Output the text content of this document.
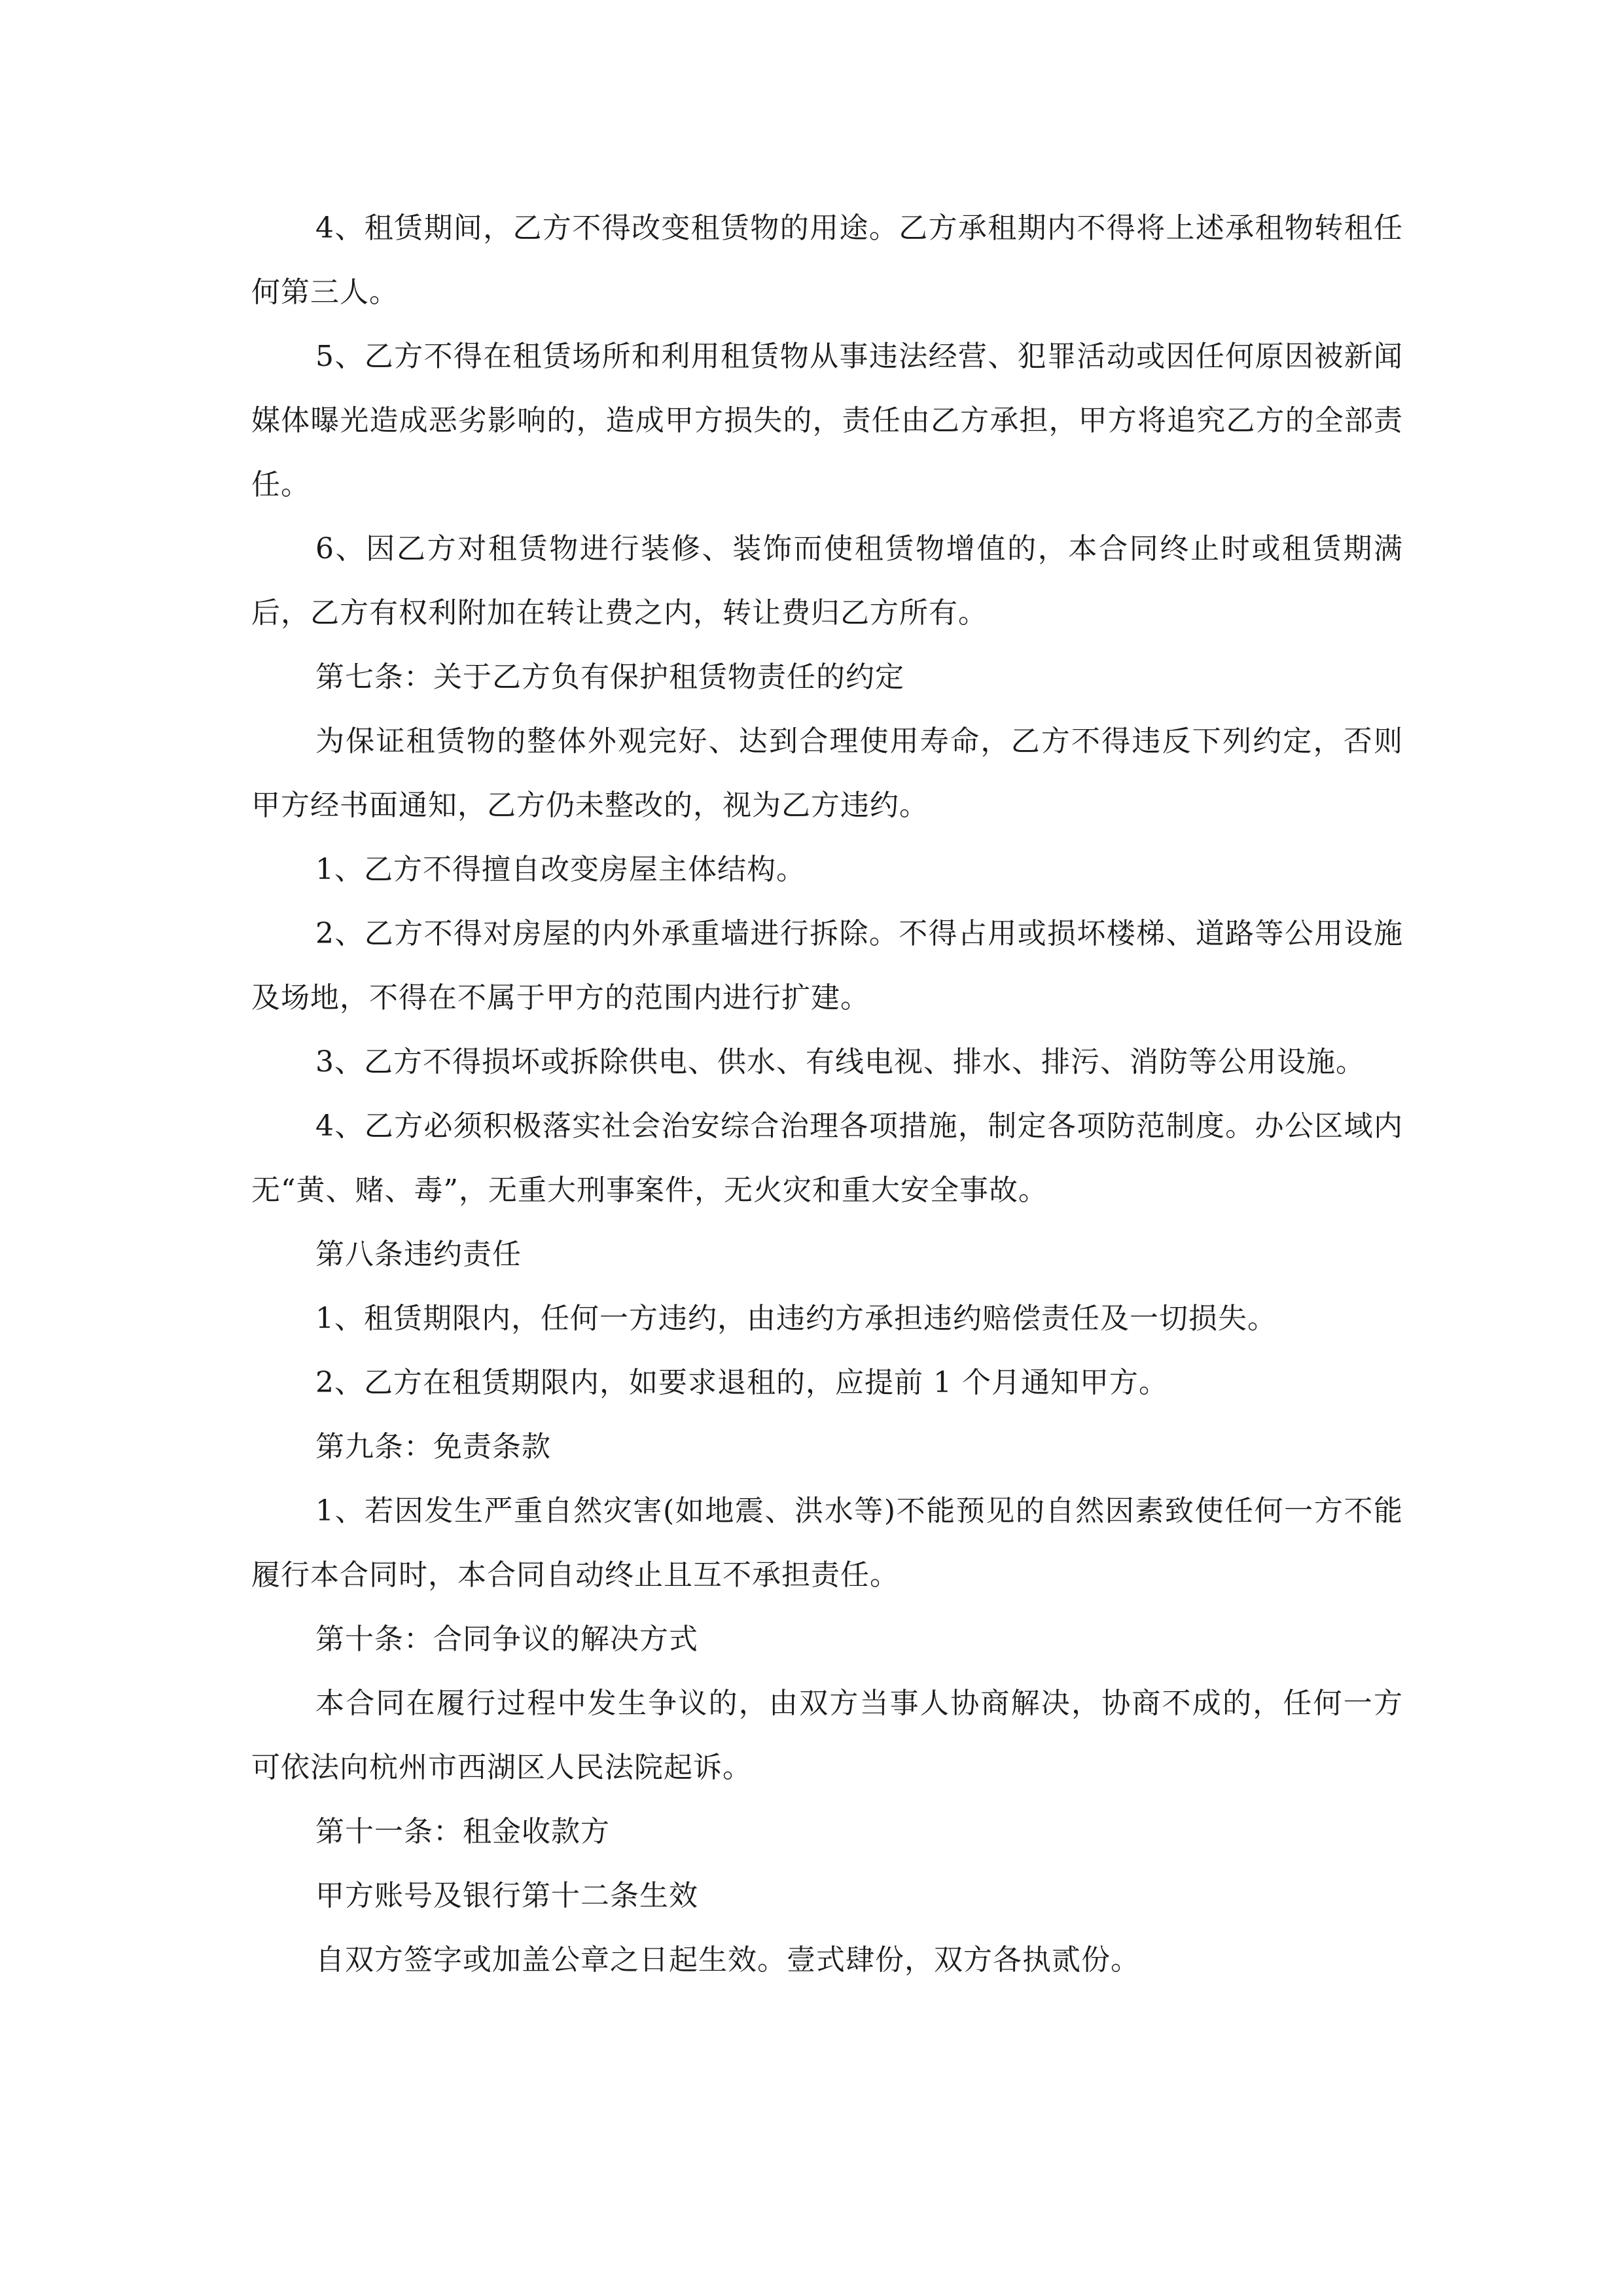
4、租赁期间，乙方不得改变租赁物的用途。乙方承租期内不得将上述承租物转租任何第三人。

5、乙方不得在租赁场所和利用租赁物从事违法经营、犯罪活动或因任何原因被新闻媒体曝光造成恶劣影响的，造成甲方损失的，责任由乙方承担，甲方将追究乙方的全部责任。

6、因乙方对租赁物进行装修、装饰而使租赁物增值的，本合同终止时或租赁期满后，乙方有权利附加在转让费之内，转让费归乙方所有。

第七条：关于乙方负有保护租赁物责任的约定

为保证租赁物的整体外观完好、达到合理使用寿命，乙方不得违反下列约定，否则甲方经书面通知，乙方仍未整改的，视为乙方违约。

1、乙方不得擅自改变房屋主体结构。

2、乙方不得对房屋的内外承重墙进行拆除。不得占用或损坏楼梯、道路等公用设施及场地，不得在不属于甲方的范围内进行扩建。

3、乙方不得损坏或拆除供电、供水、有线电视、排水、排污、消防等公用设施。

4、乙方必须积极落实社会治安综合治理各项措施，制定各项防范制度。办公区域内无“黄、赌、毒”，无重大刑事案件，无火灾和重大安全事故。

第八条违约责任

1、租赁期限内，任何一方违约，由违约方承担违约赔偿责任及一切损失。

2、乙方在租赁期限内，如要求退租的，应提前 1 个月通知甲方。

第九条：免责条款

1、若因发生严重自然灾害(如地震、洪水等)不能预见的自然因素致使任何一方不能履行本合同时，本合同自动终止且互不承担责任。

第十条：合同争议的解决方式

本合同在履行过程中发生争议的，由双方当事人协商解决，协商不成的，任何一方可依法向杭州市西湖区人民法院起诉。

第十一条：租金收款方

甲方账号及银行第十二条生效

自双方签字或加盖公章之日起生效。壹式肆份，双方各执贰份。
